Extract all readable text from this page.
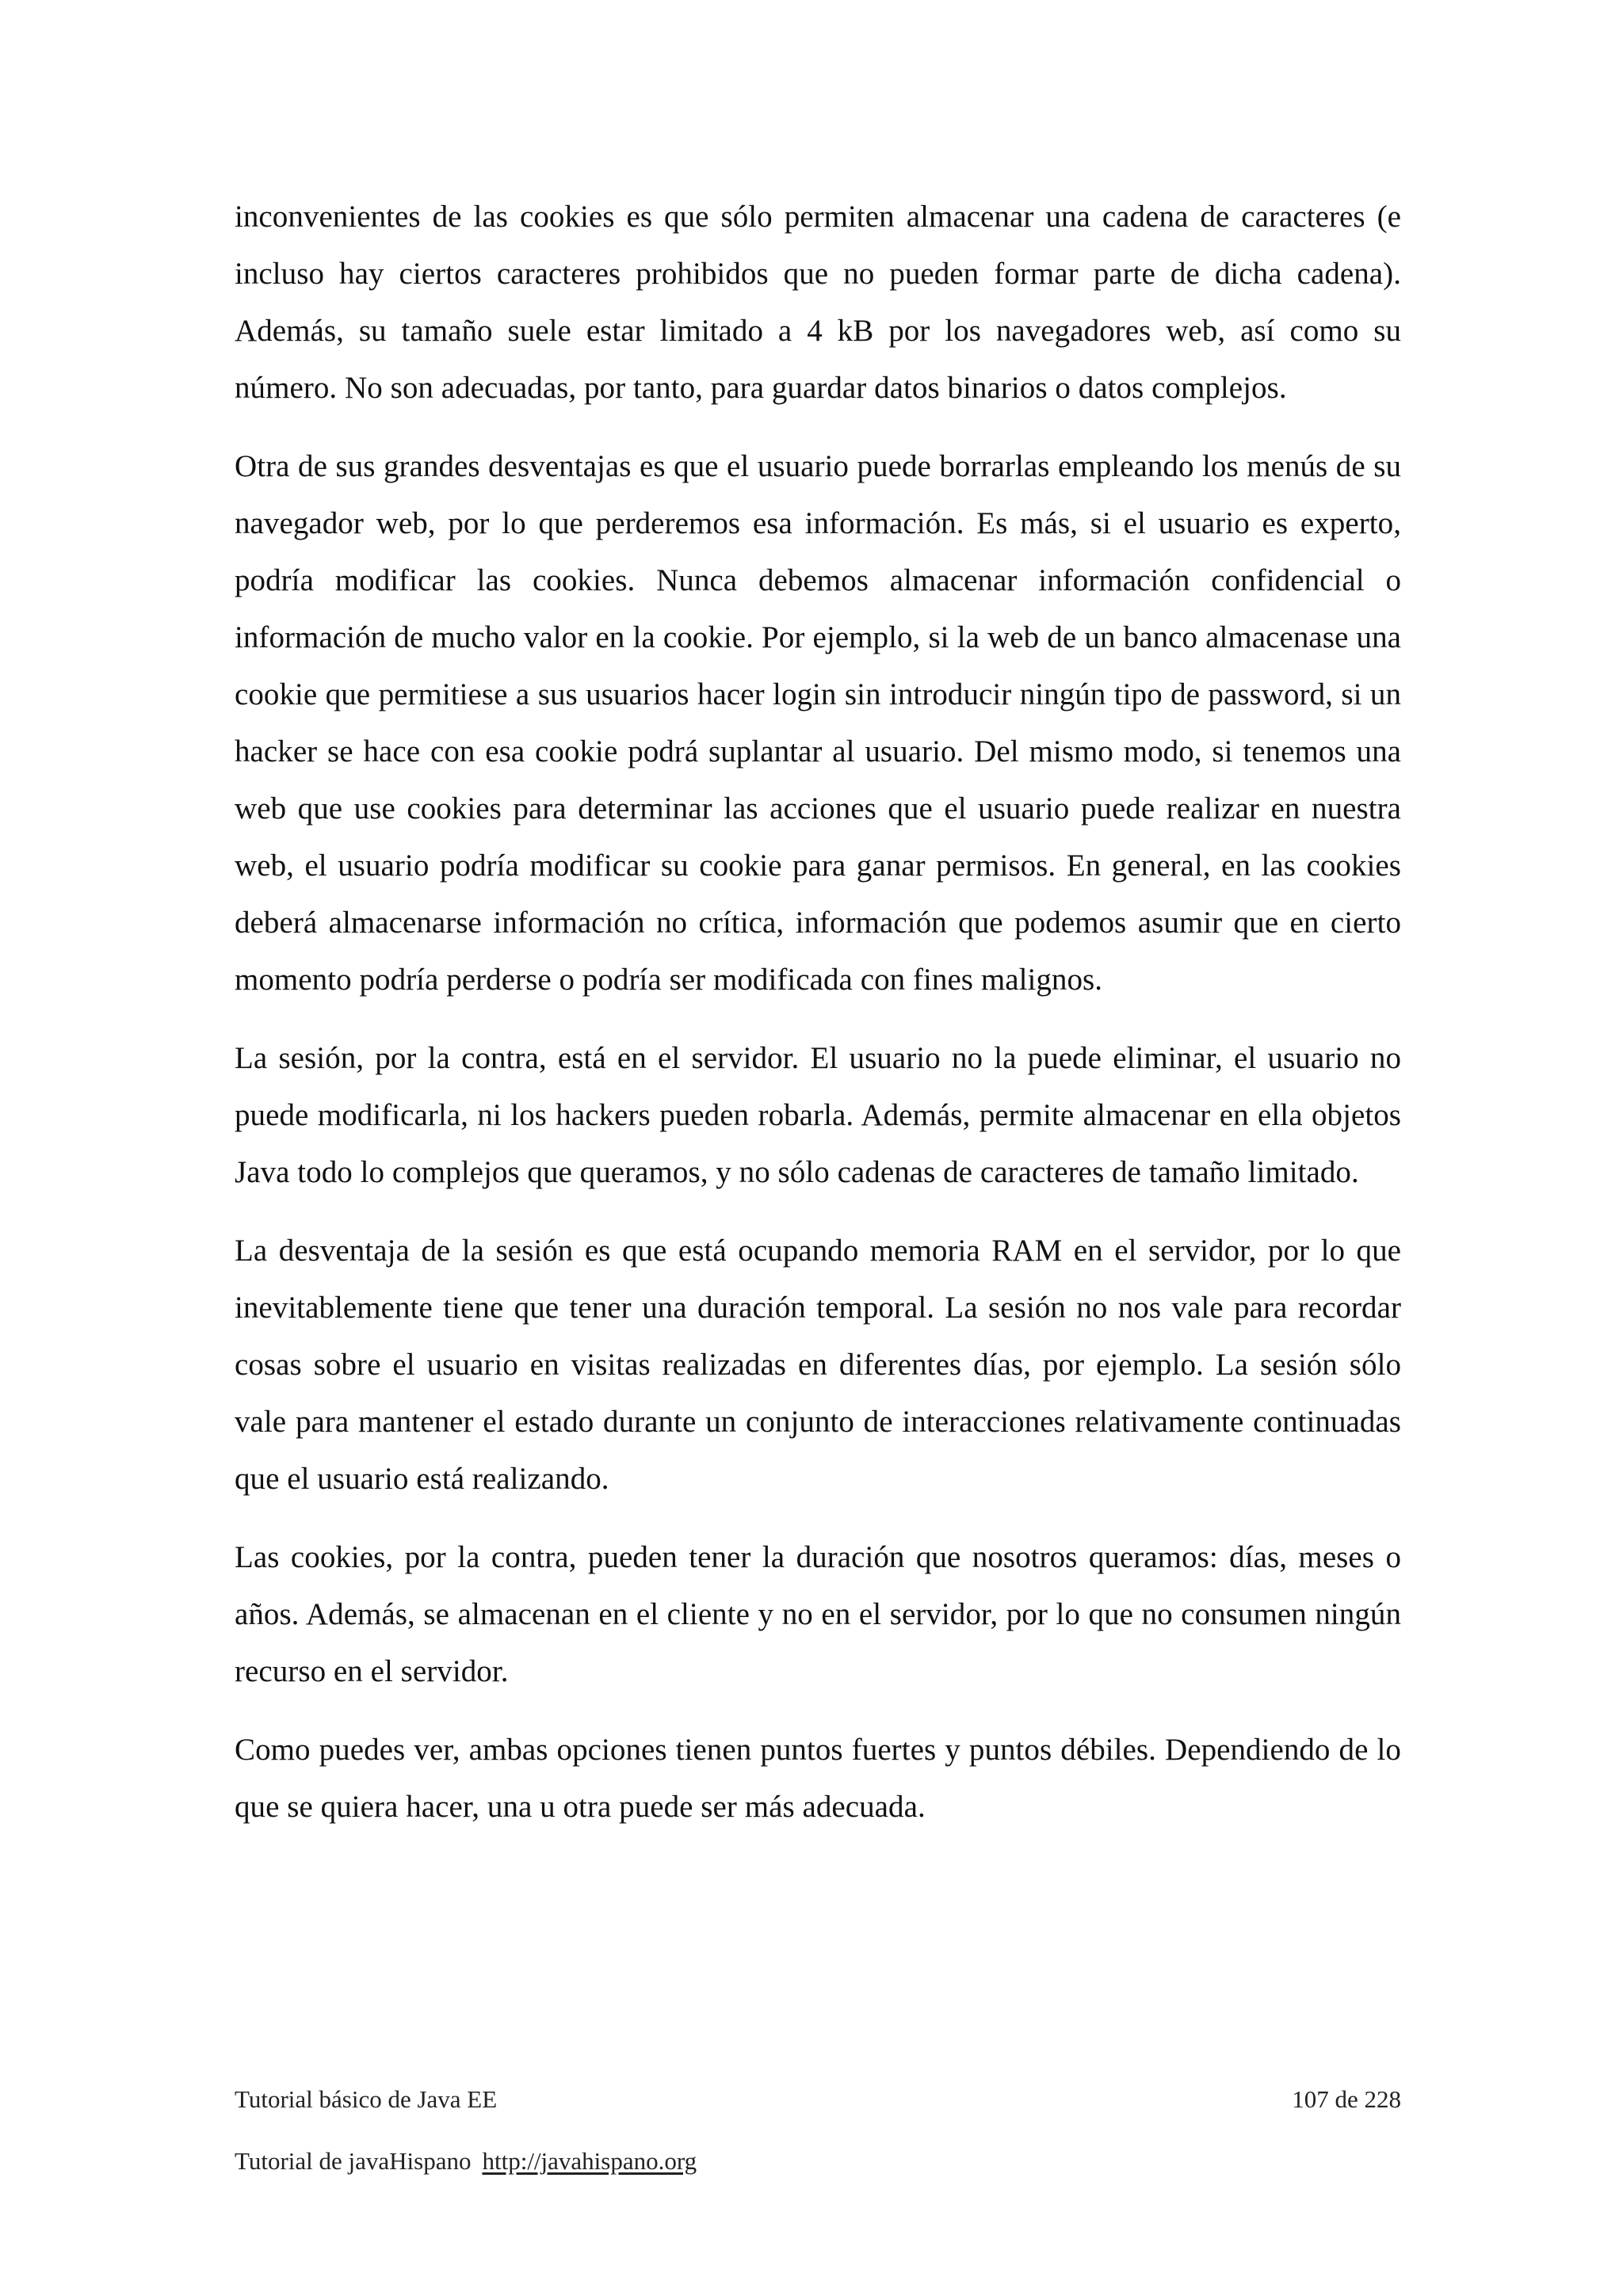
inconvenientes de las cookies es que sólo permiten almacenar una cadena de caracteres (e incluso hay ciertos caracteres prohibidos que no pueden formar parte de dicha cadena). Además, su tamaño suele estar limitado a 4 kB por los navegadores web, así como su número. No son adecuadas, por tanto, para guardar datos binarios o datos complejos.

Otra de sus grandes desventajas es que el usuario puede borrarlas empleando los menús de su navegador web, por lo que perderemos esa información. Es más, si el usuario es experto, podría modificar las cookies. Nunca debemos almacenar información confidencial o información de mucho valor en la cookie. Por ejemplo, si la web de un banco almacenase una cookie que permitiese a sus usuarios hacer login sin introducir ningún tipo de password, si un hacker se hace con esa cookie podrá suplantar al usuario. Del mismo modo, si tenemos una web que use cookies para determinar las acciones que el usuario puede realizar en nuestra web, el usuario podría modificar su cookie para ganar permisos. En general, en las cookies deberá almacenarse información no crítica, información que podemos asumir que en cierto momento podría perderse o podría ser modificada con fines malignos.

La sesión, por la contra, está en el servidor. El usuario no la puede eliminar, el usuario no puede modificarla, ni los hackers pueden robarla. Además, permite almacenar en ella objetos Java todo lo complejos que queramos, y no sólo cadenas de caracteres de tamaño limitado.

La desventaja de la sesión es que está ocupando memoria RAM en el servidor, por lo que inevitablemente tiene que tener una duración temporal. La sesión no nos vale para recordar cosas sobre el usuario en visitas realizadas en diferentes días, por ejemplo. La sesión sólo vale para mantener el estado durante un conjunto de interacciones relativamente continuadas que el usuario está realizando.

Las cookies, por la contra, pueden tener la duración que nosotros queramos: días, meses o años. Además, se almacenan en el cliente y no en el servidor, por lo que no consumen ningún recurso en el servidor.

Como puedes ver, ambas opciones tienen puntos fuertes y puntos débiles. Dependiendo de lo que se quiera hacer, una u otra puede ser más adecuada.

Tutorial básico de Java EE	107 de 228
Tutorial de javaHispano http://javahispano.org
